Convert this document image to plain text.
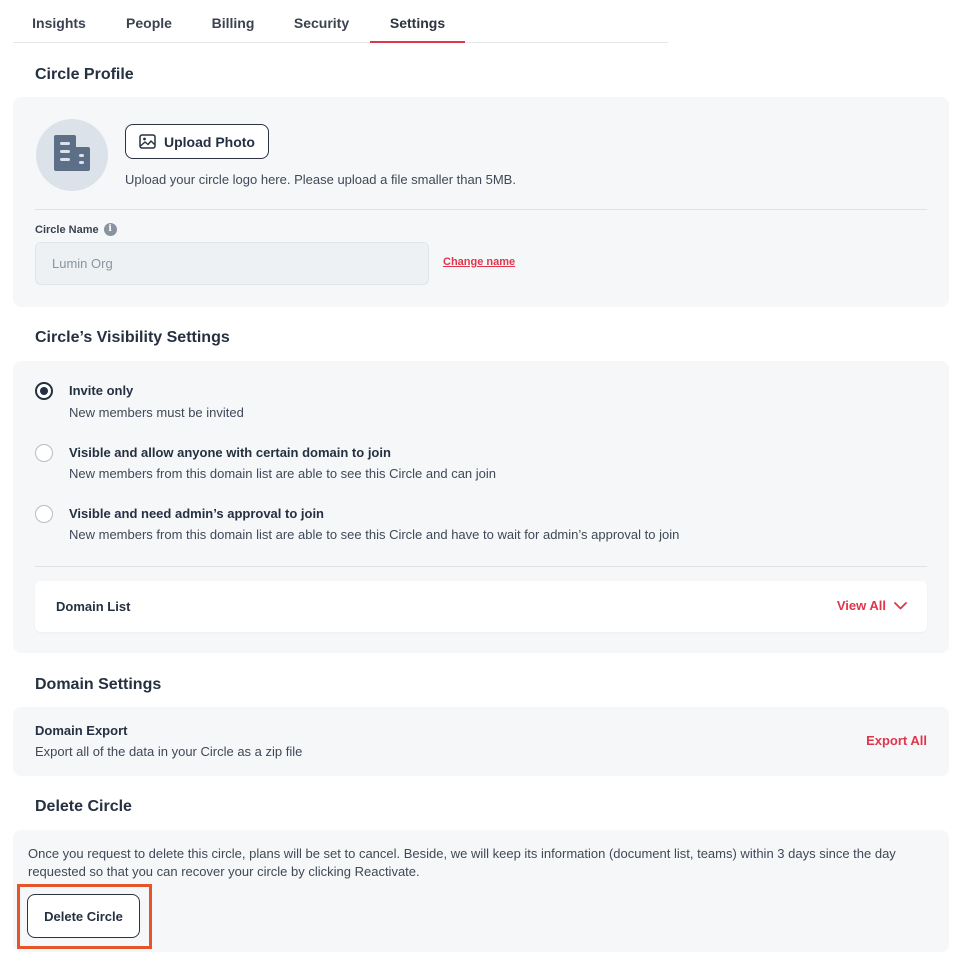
Insights	People	Billing	Security	Settings
Circle Profile
Upload Photo
Upload your circle logo here. Please upload a file smaller than 5MB.
Circle Name	i
Lumin Org
Change name
Circle’s Visibility Settings
Invite only
New members must be invited
Visible and allow anyone with certain domain to join
New members from this domain list are able to see this Circle and can join
Visible and need admin’s approval to join
New members from this domain list are able to see this Circle and have to wait for admin’s approval to join
Domain List	View All
Domain Settings
Domain Export
Export all of the data in your Circle as a zip file
Export All
Delete Circle
Once you request to delete this circle, plans will be set to cancel. Beside, we will keep its information (document list, teams) within 3 days since the day requested so that you can recover your circle by clicking Reactivate.
Delete Circle
